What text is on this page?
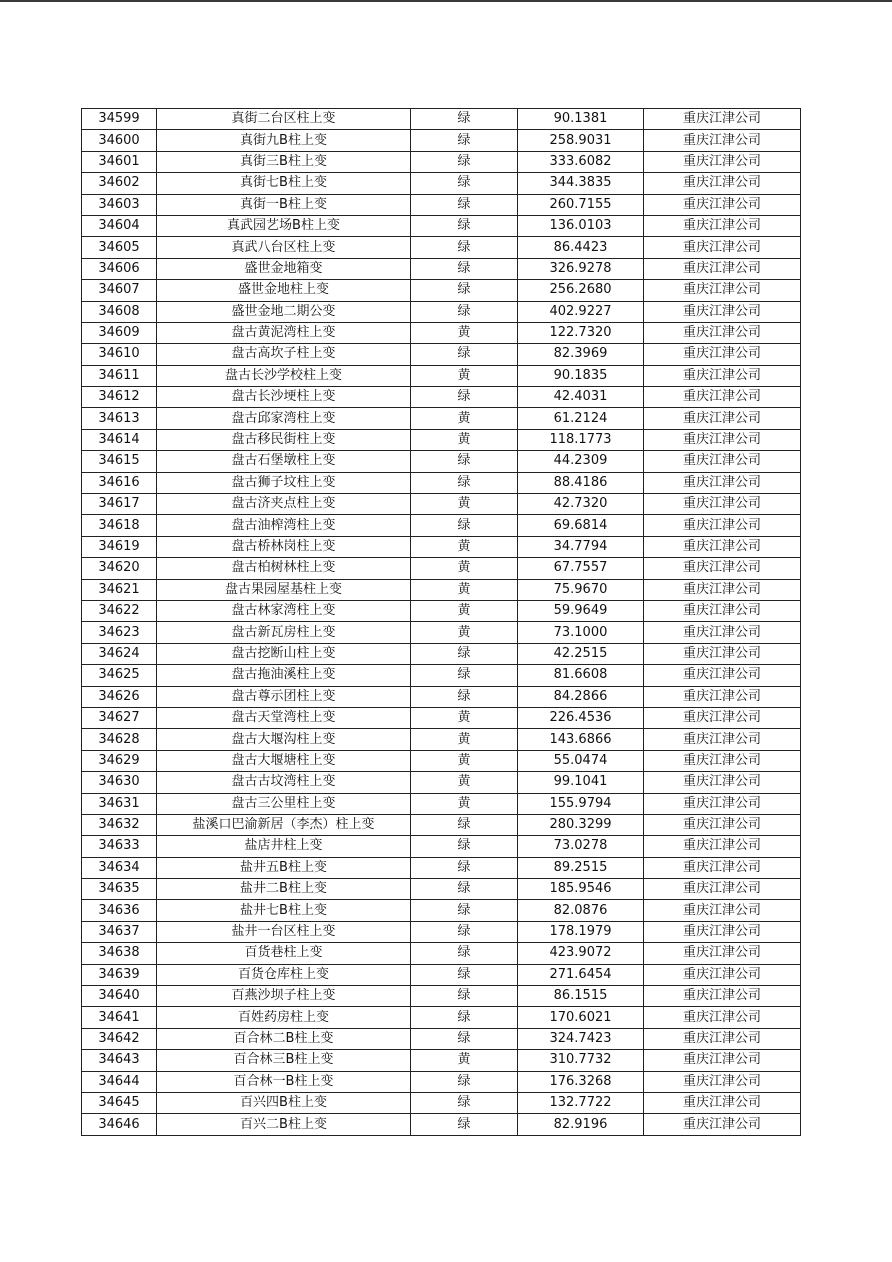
34599	真街二台区柱上变	绿	90.1381	重庆江津公司
34600	真街九B柱上变	绿	258.9031	重庆江津公司
34601	真街三B柱上变	绿	333.6082	重庆江津公司
34602	真街七B柱上变	绿	344.3835	重庆江津公司
34603	真街一B柱上变	绿	260.7155	重庆江津公司
34604	真武园艺场B柱上变	绿	136.0103	重庆江津公司
34605	真武八台区柱上变	绿	86.4423	重庆江津公司
34606	盛世金地箱变	绿	326.9278	重庆江津公司
34607	盛世金地柱上变	绿	256.2680	重庆江津公司
34608	盛世金地二期公变	绿	402.9227	重庆江津公司
34609	盘古黄泥湾柱上变	黄	122.7320	重庆江津公司
34610	盘古高坎子柱上变	绿	82.3969	重庆江津公司
34611	盘古长沙学校柱上变	黄	90.1835	重庆江津公司
34612	盘古长沙埂柱上变	绿	42.4031	重庆江津公司
34613	盘古邱家湾柱上变	黄	61.2124	重庆江津公司
34614	盘古移民街柱上变	黄	118.1773	重庆江津公司
34615	盘古石堡墩柱上变	绿	44.2309	重庆江津公司
34616	盘古狮子坟柱上变	绿	88.4186	重庆江津公司
34617	盘古济夹点柱上变	黄	42.7320	重庆江津公司
34618	盘古油榨湾柱上变	绿	69.6814	重庆江津公司
34619	盘古桥林岗柱上变	黄	34.7794	重庆江津公司
34620	盘古柏树林柱上变	黄	67.7557	重庆江津公司
34621	盘古果园屋基柱上变	黄	75.9670	重庆江津公司
34622	盘古林家湾柱上变	黄	59.9649	重庆江津公司
34623	盘古新瓦房柱上变	黄	73.1000	重庆江津公司
34624	盘古挖断山柱上变	绿	42.2515	重庆江津公司
34625	盘古拖油溪柱上变	绿	81.6608	重庆江津公司
34626	盘古尊示团柱上变	绿	84.2866	重庆江津公司
34627	盘古天堂湾柱上变	黄	226.4536	重庆江津公司
34628	盘古大堰沟柱上变	黄	143.6866	重庆江津公司
34629	盘古大堰塘柱上变	黄	55.0474	重庆江津公司
34630	盘古古坟湾柱上变	黄	99.1041	重庆江津公司
34631	盘古三公里柱上变	黄	155.9794	重庆江津公司
34632	盐溪口巴渝新居（李杰）柱上变	绿	280.3299	重庆江津公司
34633	盐店井柱上变	绿	73.0278	重庆江津公司
34634	盐井五B柱上变	绿	89.2515	重庆江津公司
34635	盐井二B柱上变	绿	185.9546	重庆江津公司
34636	盐井七B柱上变	绿	82.0876	重庆江津公司
34637	盐井一台区柱上变	绿	178.1979	重庆江津公司
34638	百货巷柱上变	绿	423.9072	重庆江津公司
34639	百货仓库柱上变	绿	271.6454	重庆江津公司
34640	百燕沙坝子柱上变	绿	86.1515	重庆江津公司
34641	百姓药房柱上变	绿	170.6021	重庆江津公司
34642	百合林二B柱上变	绿	324.7423	重庆江津公司
34643	百合林三B柱上变	黄	310.7732	重庆江津公司
34644	百合林一B柱上变	绿	176.3268	重庆江津公司
34645	百兴四B柱上变	绿	132.7722	重庆江津公司
34646	百兴二B柱上变	绿	82.9196	重庆江津公司
